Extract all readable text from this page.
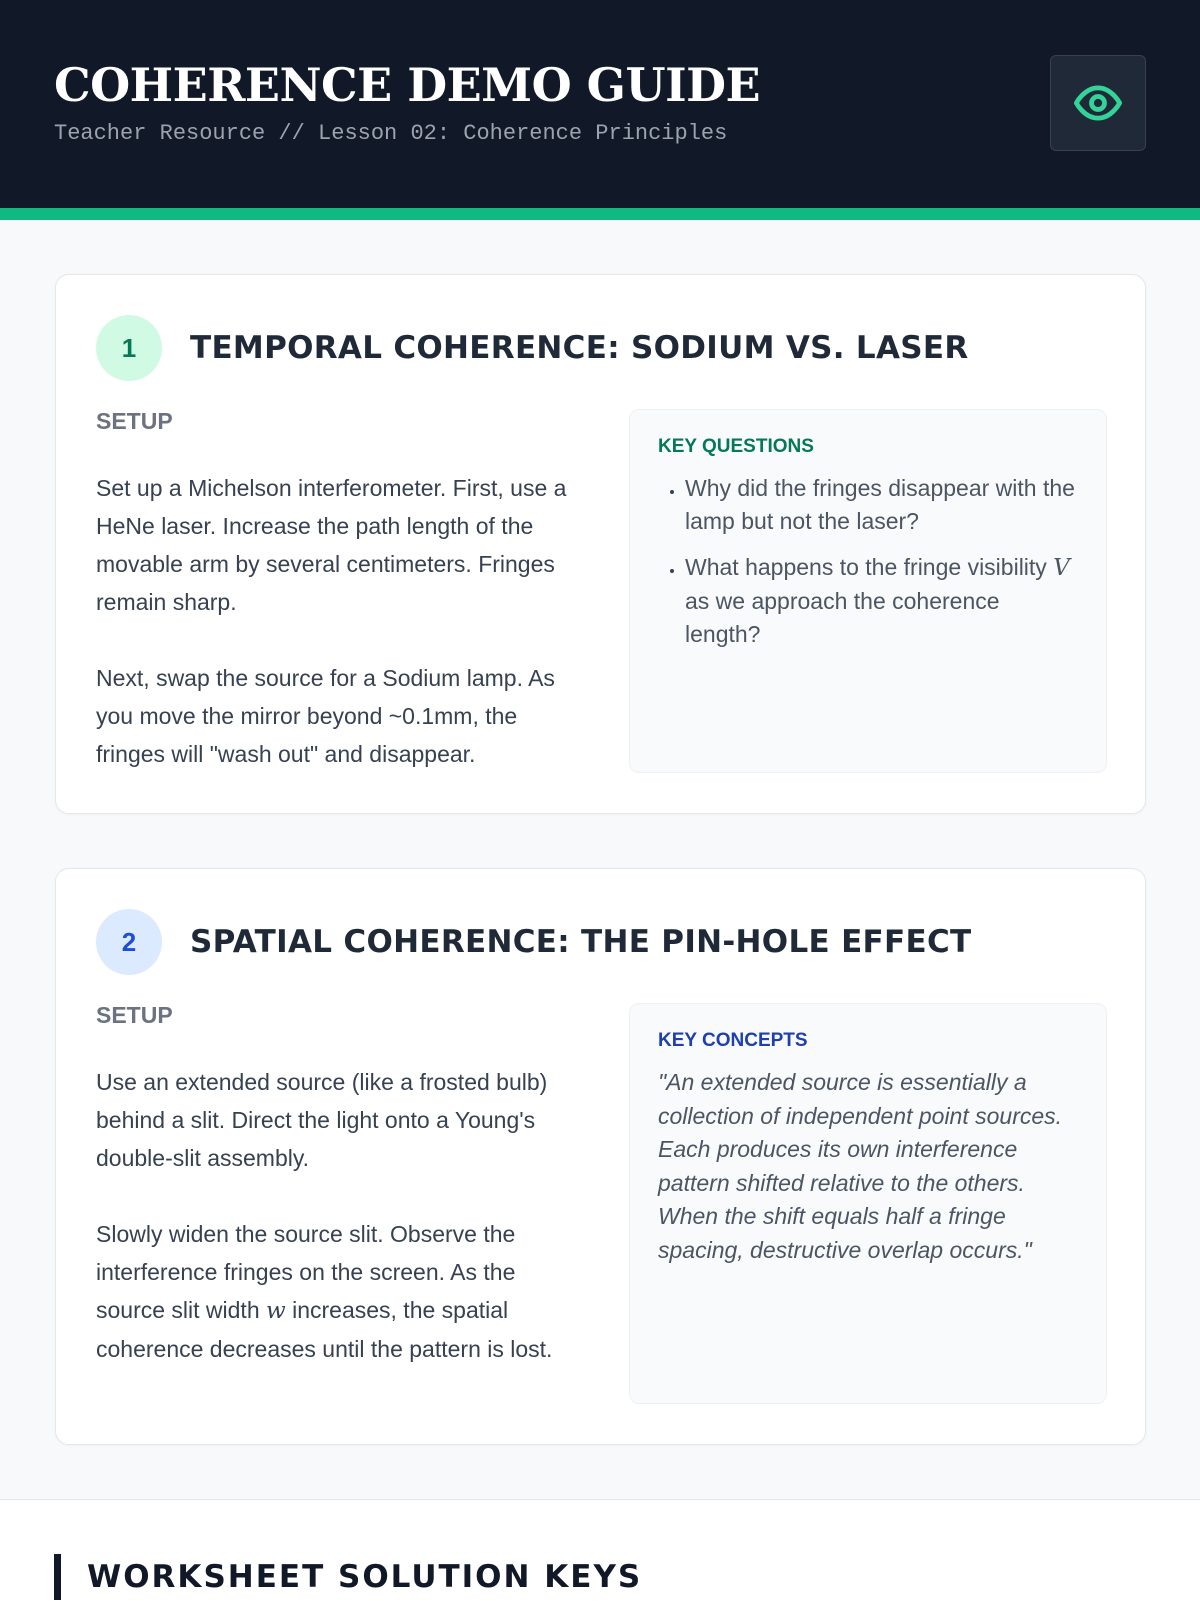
COHERENCE DEMO GUIDE
Teacher Resource // Lesson 02: Coherence Principles
1	TEMPORAL COHERENCE: SODIUM VS. LASER
SETUP

Set up a Michelson interferometer. First, use a HeNe laser. Increase the path length of the movable arm by several centimeters. Fringes remain sharp.

Next, swap the source for a Sodium lamp. As you move the mirror beyond ~0.1mm, the fringes will "wash out" and disappear.

KEY QUESTIONS
• Why did the fringes disappear with the lamp but not the laser?
• What happens to the fringe visibility V as we approach the coherence length?
2	SPATIAL COHERENCE: THE PIN-HOLE EFFECT
SETUP

Use an extended source (like a frosted bulb) behind a slit. Direct the light onto a Young's double-slit assembly.

Slowly widen the source slit. Observe the interference fringes on the screen. As the source slit width w increases, the spatial coherence decreases until the pattern is lost.

KEY CONCEPTS

"An extended source is essentially a collection of independent point sources. Each produces its own interference pattern shifted relative to the others. When the shift equals half a fringe spacing, destructive overlap occurs."

WORKSHEET SOLUTION KEYS
